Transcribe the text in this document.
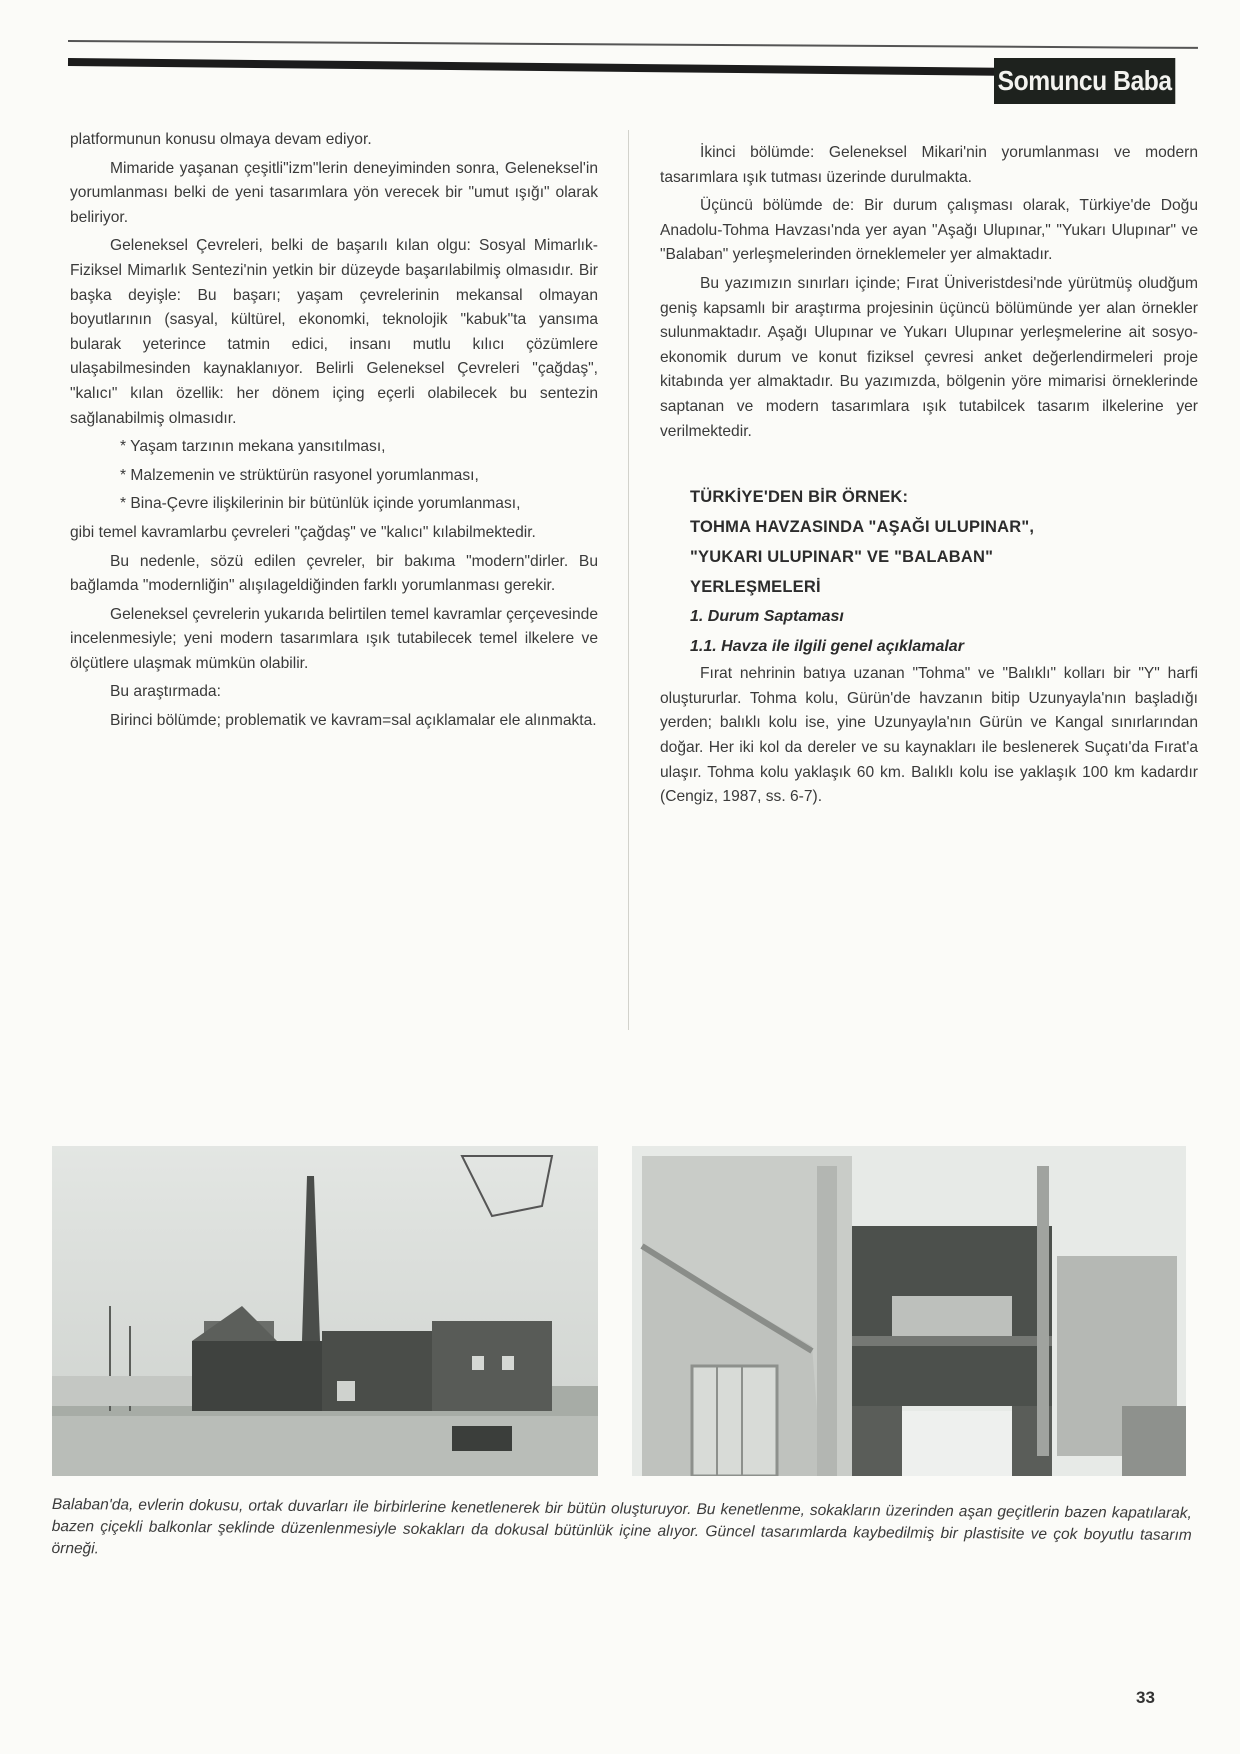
Somuncu Baba

platformunun konusu olmaya devam ediyor.

Mimaride yaşanan çeşitli"izm"lerin deneyiminden sonra, Geleneksel'in yorumlanması belki de yeni tasarımlara yön verecek bir "umut ışığı" olarak beliriyor.

Geleneksel Çevreleri, belki de başarılı kılan olgu: Sosyal Mimarlık-Fiziksel Mimarlık Sentezi'nin yetkin bir düzeyde başarılabilmiş olmasıdır. Bir başka deyişle: Bu başarı; yaşam çevrelerinin mekansal olmayan boyutlarının (sasyal, kültürel, ekonomki, teknolojik "kabuk"ta yansıma bularak yeterince tatmin edici, insanı mutlu kılıcı çözümlere ulaşabilmesinden kaynaklanıyor. Belirli Geleneksel Çevreleri "çağdaş", "kalıcı" kılan özellik: her dönem içing eçerli olabilecek bu sentezin sağlanabilmiş olmasıdır.

* Yaşam tarzının mekana yansıtılması,

* Malzemenin ve strüktürün rasyonel yorumlanması,

* Bina-Çevre ilişkilerinin bir bütünlük içinde yorumlanması,

gibi temel kavramlarbu çevreleri "çağdaş" ve "kalıcı" kılabilmektedir.

Bu nedenle, sözü edilen çevreler, bir bakıma "modern"dirler. Bu bağlamda "modernliğin" alışılageldiğinden farklı yorumlanması gerekir.

Geleneksel çevrelerin yukarıda belirtilen temel kavramlar çerçevesinde incelenmesiyle; yeni modern tasarımlara ışık tutabilecek temel ilkelere ve ölçütlere ulaşmak mümkün olabilir.

Bu araştırmada:

Birinci bölümde; problematik ve kavram=sal açıklamalar ele alınmakta.

İkinci bölümde: Geleneksel Mikari'nin yorumlanması ve modern tasarımlara ışık tutması üzerinde durulmakta.

Üçüncü bölümde de: Bir durum çalışması olarak, Türkiye'de Doğu Anadolu-Tohma Havzası'nda yer ayan "Aşağı Ulupınar," "Yukarı Ulupınar" ve "Balaban" yerleşmelerinden örneklemeler yer almaktadır.

Bu yazımızın sınırları içinde; Fırat Üniveristdesi'nde yürütmüş oludğum geniş kapsamlı bir araştırma projesinin üçüncü bölümünde yer alan örnekler sulunmaktadır. Aşağı Ulupınar ve Yukarı Ulupınar yerleşmelerine ait sosyo-ekonomik durum ve konut fiziksel çevresi anket değerlendirmeleri proje kitabında yer almaktadır. Bu yazımızda, bölgenin yöre mimarisi örneklerinde saptanan ve modern tasarımlara ışık tutabilcek tasarım ilkelerine yer verilmektedir.

TÜRKİYE'DEN BİR ÖRNEK:
TOHMA HAVZASINDA "AŞAĞI ULUPINAR",
"YUKARI ULUPINAR" VE "BALABAN"
YERLEŞMELERİ
1. Durum Saptaması
1.1. Havza ile ilgili genel açıklamalar

Fırat nehrinin batıya uzanan "Tohma" ve "Balıklı" kolları bir "Y" harfi oluştururlar. Tohma kolu, Gürün'de havzanın bitip Uzunyayla'nın başladığı yerden; balıklı kolu ise, yine Uzunyayla'nın Gürün ve Kangal sınırlarından doğar. Her iki kol da dereler ve su kaynakları ile beslenerek Suçatı'da Fırat'a ulaşır. Tohma kolu yaklaşık 60 km. Balıklı kolu ise yaklaşık 100 km kadardır (Cengiz, 1987, ss. 6-7).

Balaban'da, evlerin dokusu, ortak duvarları ile birbirlerine kenetlenerek bir bütün oluşturuyor. Bu kenetlenme, sokakların üzerinden aşan geçitlerin bazen kapatılarak, bazen çiçekli balkonlar şeklinde düzenlenmesiyle sokakları da dokusal bütünlük içine alıyor. Güncel tasarımlarda kaybedilmiş bir plastisite ve çok boyutlu tasarım örneği.
33
